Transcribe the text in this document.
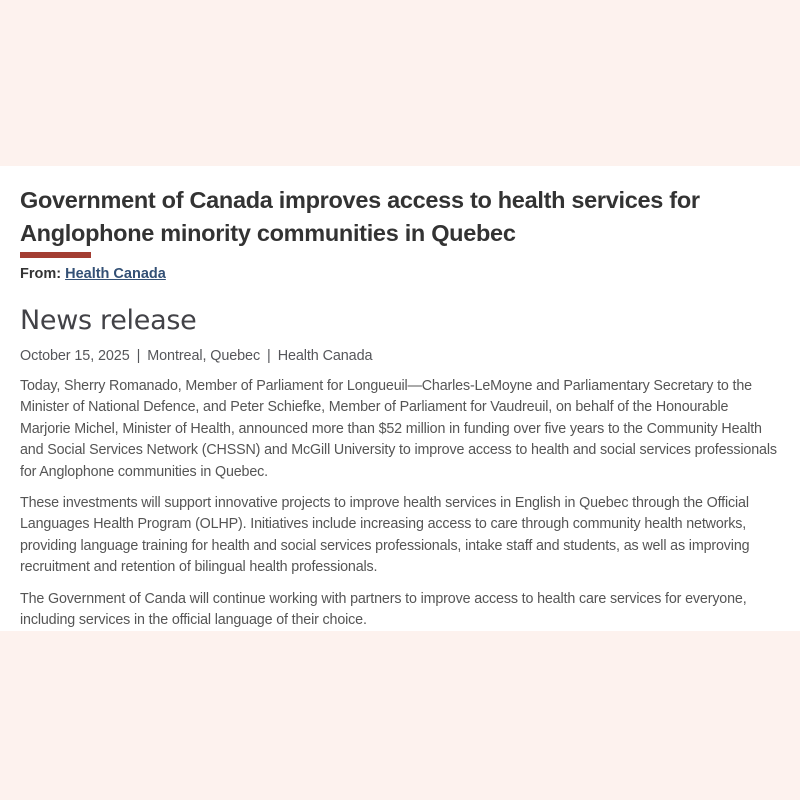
Government of Canada improves access to health services for Anglophone minority communities in Quebec

From: Health Canada

News release

October 15, 2025 | Montreal, Quebec | Health Canada

Today, Sherry Romanado, Member of Parliament for Longueuil—Charles-LeMoyne and Parliamentary Secretary to the Minister of National Defence, and Peter Schiefke, Member of Parliament for Vaudreuil, on behalf of the Honourable Marjorie Michel, Minister of Health, announced more than $52 million in funding over five years to the Community Health and Social Services Network (CHSSN) and McGill University to improve access to health and social services professionals for Anglophone communities in Quebec.

These investments will support innovative projects to improve health services in English in Quebec through the Official Languages Health Program (OLHP). Initiatives include increasing access to care through community health networks, providing language training for health and social services professionals, intake staff and students, as well as improving recruitment and retention of bilingual health professionals.

The Government of Canda will continue working with partners to improve access to health care services for everyone, including services in the official language of their choice.
